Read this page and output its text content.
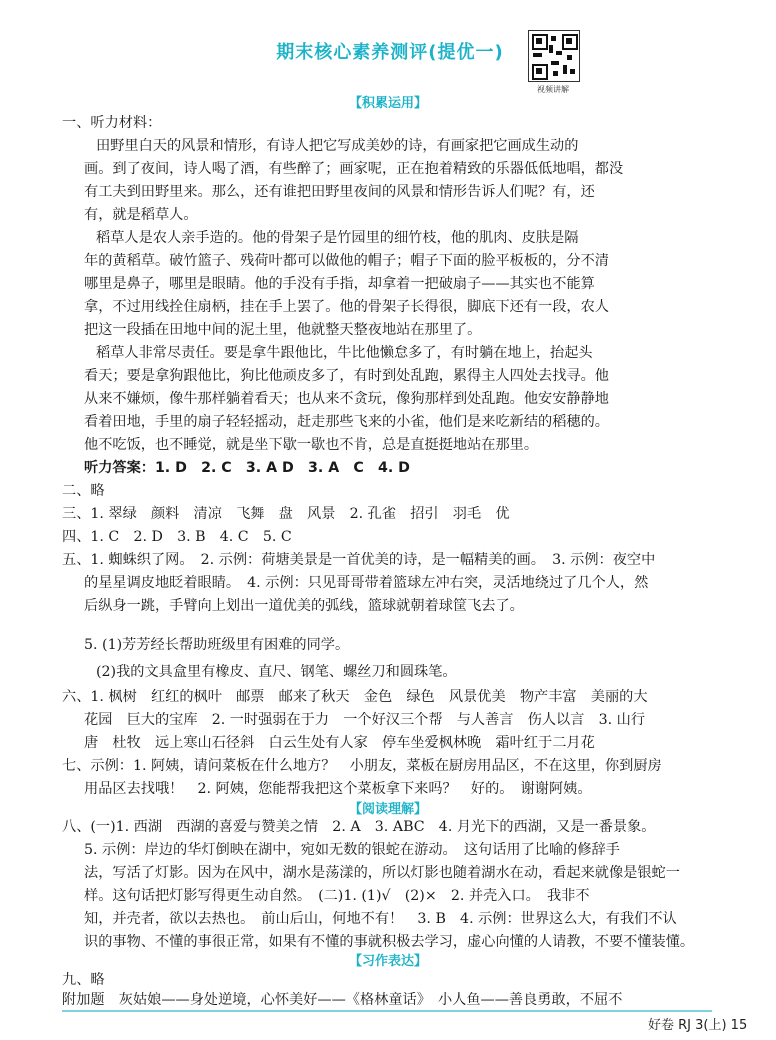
期末核心素养测评(提优一)
视频讲解
【积累运用】
【阅读理解】
【习作表达】
一、听力材料：
田野里白天的风景和情形，有诗人把它写成美妙的诗，有画家把它画成生动的
画。到了夜间，诗人喝了酒，有些醉了；画家呢，正在抱着精致的乐器低低地唱，都没
有工夫到田野里来。那么，还有谁把田野里夜间的风景和情形告诉人们呢？有，还
有，就是稻草人。
稻草人是农人亲手造的。他的骨架子是竹园里的细竹枝，他的肌肉、皮肤是隔
年的黄稻草。破竹篮子、残荷叶都可以做他的帽子；帽子下面的脸平板板的，分不清
哪里是鼻子，哪里是眼睛。他的手没有手指，却拿着一把破扇子——其实也不能算
拿，不过用线拴住扇柄，挂在手上罢了。他的骨架子长得很，脚底下还有一段，农人
把这一段插在田地中间的泥土里，他就整天整夜地站在那里了。
稻草人非常尽责任。要是拿牛跟他比，牛比他懒怠多了，有时躺在地上，抬起头
看天；要是拿狗跟他比，狗比他顽皮多了，有时到处乱跑，累得主人四处去找寻。他
从来不嫌烦，像牛那样躺着看天；也从来不贪玩，像狗那样到处乱跑。他安安静静地
看着田地，手里的扇子轻轻摇动，赶走那些飞来的小雀，他们是来吃新结的稻穗的。
他不吃饭，也不睡觉，就是坐下歇一歇也不肯，总是直挺挺地站在那里。
听力答案：1. D　2. C　3. A D　3. A　C　4. D
二、略
三、1. 翠绿　颜料　清凉　飞舞　盘　风景　2. 孔雀　招引　羽毛　优
四、1. C　2. D　3. B　4. C　5. C
五、1. 蜘蛛织了网。　2. 示例：荷塘美景是一首优美的诗，是一幅精美的画。　3. 示例：夜空中
的星星调皮地眨着眼睛。　4. 示例：只见哥哥带着篮球左冲右突，灵活地绕过了几个人，然
后纵身一跳，手臂向上划出一道优美的弧线，篮球就朝着球筐飞去了。
5. (1)芳芳经长帮助班级里有困难的同学。
(2)我的文具盒里有橡皮、直尺、钢笔、螺丝刀和圆珠笔。
六、1. 枫树　红红的枫叶　邮票　邮来了秋天　金色　绿色　风景优美　物产丰富　美丽的大
花园　巨大的宝库　2. 一时强弱在于力　一个好汉三个帮　与人善言　伤人以言　3. 山行
唐　杜牧　远上寒山石径斜　白云生处有人家　停车坐爱枫林晚　霜叶红于二月花
七、示例：1. 阿姨，请问菜板在什么地方？　小朋友，菜板在厨房用品区，不在这里，你到厨房
用品区去找哦！　2. 阿姨，您能帮我把这个菜板拿下来吗？　好的。　谢谢阿姨。
八、(一)1. 西湖　西湖的喜爱与赞美之情　2. A　3. ABC　4. 月光下的西湖，又是一番景象。
5. 示例：岸边的华灯倒映在湖中，宛如无数的银蛇在游动。　这句话用了比喻的修辞手
法，写活了灯影。因为在风中，湖水是荡漾的，所以灯影也随着湖水在动，看起来就像是银蛇一
样。这句话把灯影写得更生动自然。　(二)1. (1)√　(2)×　2. 并壳入口。　我非不
知，并壳者，欲以去热也。　前山后山，何地不有！　3. B　4. 示例：世界这么大，有我们不认
识的事物、不懂的事很正常，如果有不懂的事就积极去学习，虚心向懂的人请教，不要不懂装懂。
九、略
附加题　灰姑娘——身处逆境，心怀美好——《格林童话》　小人鱼——善良勇敢，不屈不
好卷 RJ 3(上) 15
